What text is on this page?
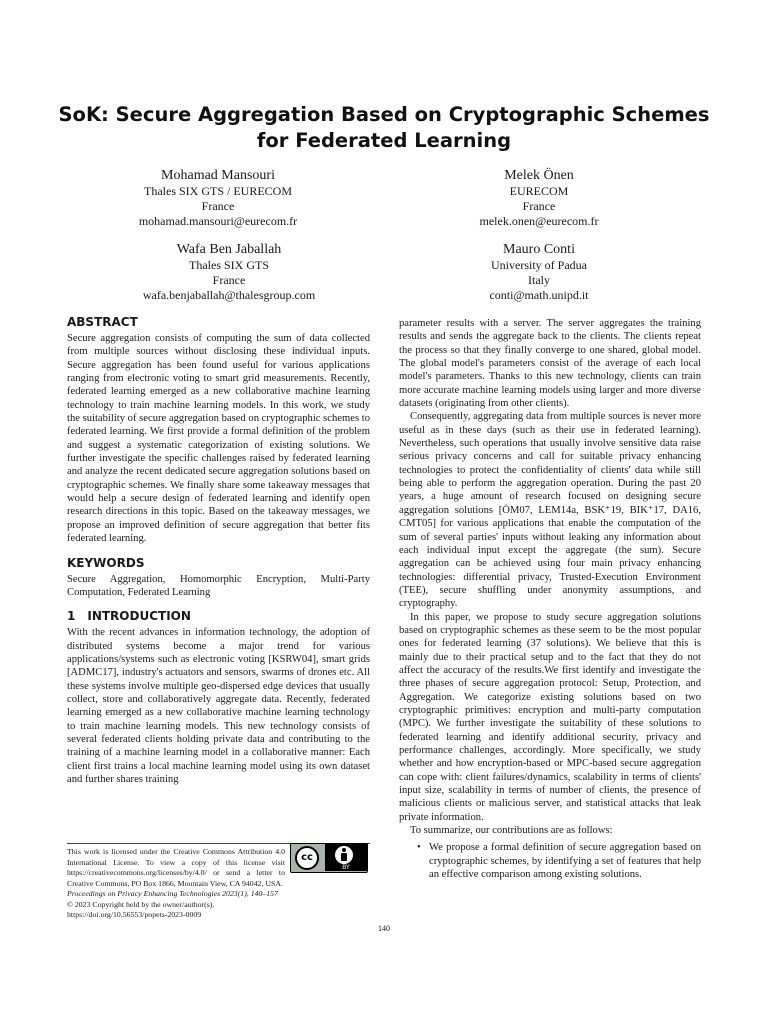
SoK: Secure Aggregation Based on Cryptographic Schemes for Federated Learning
Mohamad Mansouri
Thales SIX GTS / EURECOM
France
mohamad.mansouri@eurecom.fr
Melek Önen
EURECOM
France
melek.onen@eurecom.fr
Wafa Ben Jaballah
Thales SIX GTS
France
wafa.benjaballah@thalesgroup.com
Mauro Conti
University of Padua
Italy
conti@math.unipd.it
ABSTRACT

Secure aggregation consists of computing the sum of data collected from multiple sources without disclosing these individual inputs. Secure aggregation has been found useful for various applications ranging from electronic voting to smart grid measurements. Recently, federated learning emerged as a new collaborative machine learning technology to train machine learning models. In this work, we study the suitability of secure aggregation based on cryptographic schemes to federated learning. We first provide a formal definition of the problem and suggest a systematic categorization of existing solutions. We further investigate the specific challenges raised by federated learning and analyze the recent dedicated secure aggregation solutions based on cryptographic schemes. We finally share some takeaway messages that would help a secure design of federated learning and identify open research directions in this topic. Based on the takeaway messages, we propose an improved definition of secure aggregation that better fits federated learning.

KEYWORDS

Secure Aggregation, Homomorphic Encryption, Multi-Party Computation, Federated Learning

1 INTRODUCTION

With the recent advances in information technology, the adoption of distributed systems become a major trend for various applications/systems such as electronic voting [KSRW04], smart grids [ADMC17], industry's actuators and sensors, swarms of drones etc. All these systems involve multiple geo-dispersed edge devices that usually collect, store and collaboratively aggregate data. Recently, federated learning emerged as a new collaborative machine learning technology to train machine learning models. This new technology consists of several federated clients holding private data and contributing to the training of a machine learning model in a collaborative manner: Each client first trains a local machine learning model using its own dataset and further shares training

This work is licensed under the Creative Commons Attribution 4.0 International License. To view a copy of this license visit https://creativecommons.org/licenses/by/4.0/ or send a letter to Creative Commons, PO Box 1866, Mountain View, CA 94042, USA.

Proceedings on Privacy Enhancing Technologies 2023(1), 140–157

© 2023 Copyright held by the owner/author(s).

https://doi.org/10.56553/popets-2023-0009

cc
BY

parameter results with a server. The server aggregates the training results and sends the aggregate back to the clients. The clients repeat the process so that they finally converge to one shared, global model. The global model's parameters consist of the average of each local model's parameters. Thanks to this new technology, clients can train more accurate machine learning models using larger and more diverse datasets (originating from other clients).

Consequently, aggregating data from multiple sources is never more useful as in these days (such as their use in federated learning). Nevertheless, such operations that usually involve sensitive data raise serious privacy concerns and call for suitable privacy enhancing technologies to protect the confidentiality of clients' data while still being able to perform the aggregation operation. During the past 20 years, a huge amount of research focused on designing secure aggregation solutions [ÖM07, LEM14a, BSK⁺19, BIK⁺17, DA16, CMT05] for various applications that enable the computation of the sum of several parties' inputs without leaking any information about each individual input except the aggregate (the sum). Secure aggregation can be achieved using four main privacy enhancing technologies: differential privacy, Trusted-Execution Environment (TEE), secure shuffling under anonymity assumptions, and cryptography.

In this paper, we propose to study secure aggregation solutions based on cryptographic schemes as these seem to be the most popular ones for federated learning (37 solutions). We believe that this is mainly due to their practical setup and to the fact that they do not affect the accuracy of the results.We first identify and investigate the three phases of secure aggregation protocol: Setup, Protection, and Aggregation. We categorize existing solutions based on two cryptographic primitives: encryption and multi-party computation (MPC). We further investigate the suitability of these solutions to federated learning and identify additional security, privacy and performance challenges, accordingly. More specifically, we study whether and how encryption-based or MPC-based secure aggregation can cope with: client failures/dynamics, scalability in terms of clients' input size, scalability in terms of number of clients, the presence of malicious clients or malicious server, and statistical attacks that leak private information.

To summarize, our contributions are as follows:

• We propose a formal definition of secure aggregation based on cryptographic schemes, by identifying a set of features that help an effective comparison among existing solutions.
140
